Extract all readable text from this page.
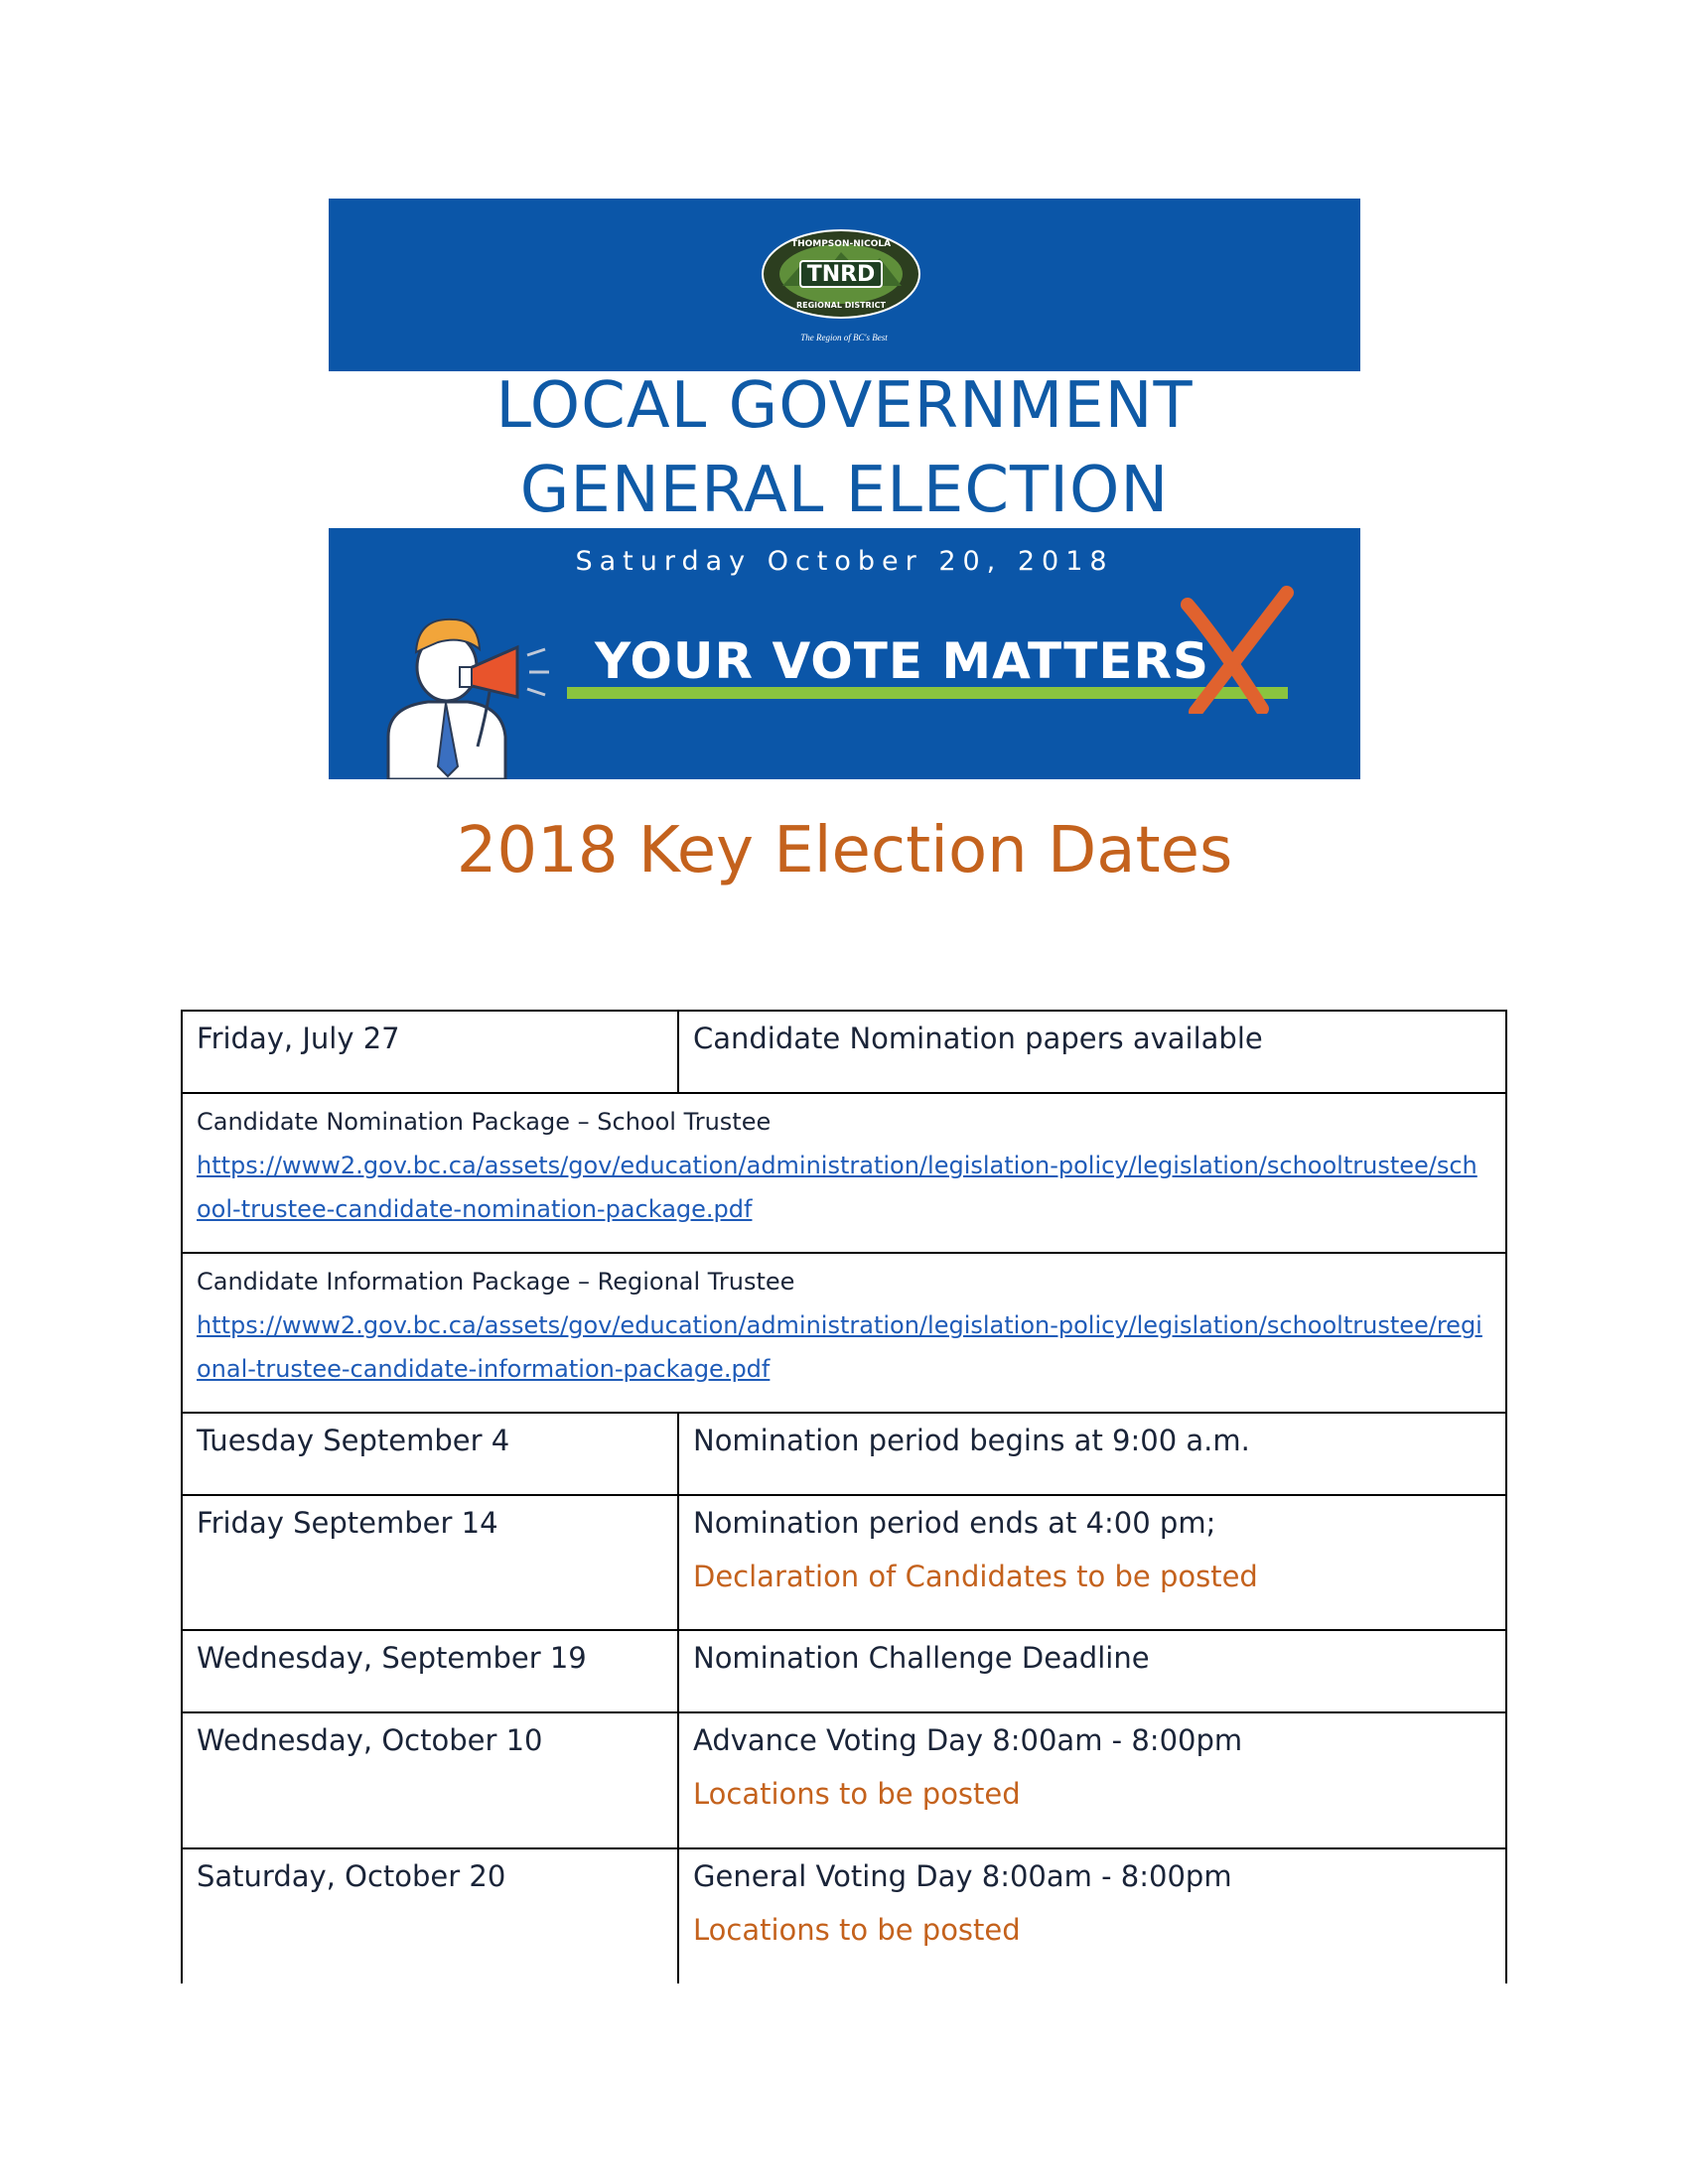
TNRD
THOMPSON-NICOLA
REGIONAL DISTRICT
The Region of BC's Best
LOCAL GOVERNMENT
GENERAL ELECTION
Saturday October 20, 2018
YOUR VOTE MATTERS
2018 Key Election Dates
Friday, July 27	Candidate Nomination papers available

Candidate Nomination Package – School Trustee
https://www2.gov.bc.ca/assets/gov/education/administration/legislation-policy/legislation/schooltrustee/school-trustee-candidate-nomination-package.pdf	

Candidate Information Package – Regional Trustee
https://www2.gov.bc.ca/assets/gov/education/administration/legislation-policy/legislation/schooltrustee/regional-trustee-candidate-information-package.pdf	
Tuesday September 4	Nomination period begins at 9:00 a.m.
Friday September 14	Nomination period ends at 4:00 pm;
Declaration of Candidates to be posted

Wednesday, September 19	Nomination Challenge Deadline
Wednesday, October 10	Advance Voting Day 8:00am - 8:00pm
Locations to be posted

Saturday, October 20	General Voting Day 8:00am - 8:00pm
Locations to be posted
